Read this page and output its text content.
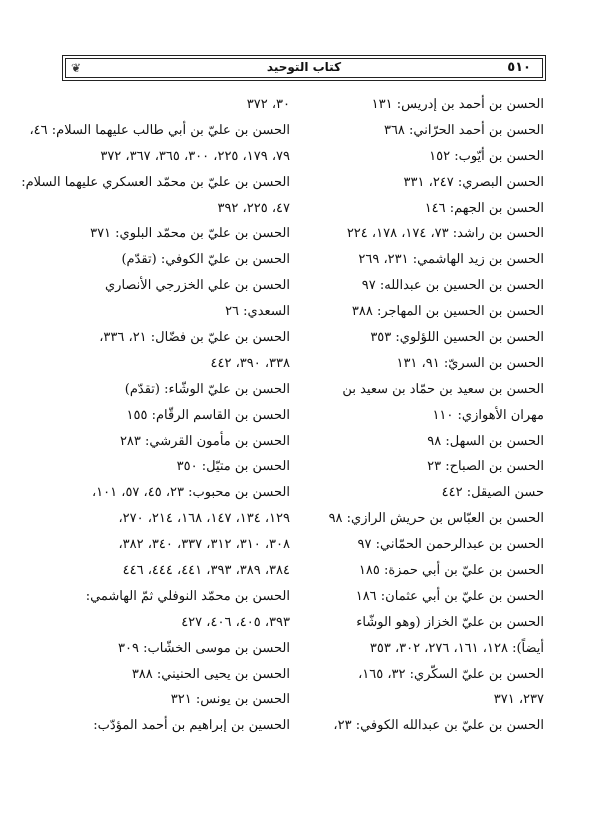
❦	كتاب التوحيد	٥١٠
الحسن بن أحمد بن إدريس: ١٣١
الحسن بن أحمد الحرّاني: ٣٦٨
الحسن بن أيّوب: ١٥٢
الحسن البصري: ٢٤٧، ٣٣١
الحسن بن الجهم: ١٤٦
الحسن بن راشد: ٧٣، ١٧٤، ١٧٨، ٢٢٤
الحسن بن زيد الهاشمي: ٢٣١، ٢٦٩
الحسن بن الحسين بن عبدالله: ٩٧
الحسن بن الحسين بن المهاجر: ٣٨٨
الحسن بن الحسين اللؤلوي: ٣٥٣
الحسن بن السريّ: ٩١، ١٣١
الحسن بن سعيد بن حمّاد بن سعيد بن
مهران الأهوازي: ١١٠
الحسن بن السهل: ٩٨
الحسن بن الصباح: ٢٣
حسن الصيقل: ٤٤٢
الحسن بن العبّاس بن حريش الرازي: ٩٨
الحسن بن عبدالرحمن الحمّاني: ٩٧
الحسن بن عليّ بن أبي حمزة: ١٨٥
الحسن بن عليّ بن أبي عثمان: ١٨٦
الحسن بن عليّ الخزاز (وهو الوشّاء
أيضاً): ١٢٨، ١٦١، ٢٧٦، ٣٠٢، ٣٥٣
الحسن بن عليّ السكّري: ٣٢، ١٦٥،
٢٣٧، ٣٧١
الحسن بن عليّ بن عبدالله الكوفي: ٢٣،
٣٠، ٣٧٢
الحسن بن عليّ بن أبي طالب عليهما السلام: ٤٦،
٧٩، ١٧٩، ٢٢٥، ٣٠٠، ٣٦٥، ٣٦٧، ٣٧٢
الحسن بن عليّ بن محمّد العسكري عليهما السلام:
٤٧، ٢٢٥، ٣٩٢
الحسن بن عليّ بن محمّد البلوي: ٣٧١
الحسن بن عليّ الكوفي: (تقدّم)
الحسن بن علي الخزرجي الأنصاري
السعدي: ٢٦
الحسن بن عليّ بن فضّال: ٢١، ٣٣٦،
٣٣٨، ٣٩٠، ٤٤٢
الحسن بن عليّ الوشّاء: (تقدّم)
الحسن بن القاسم الرقّام: ١٥٥
الحسن بن مأمون القرشي: ٢٨٣
الحسن بن متيّل: ٣٥٠
الحسن بن محبوب: ٢٣، ٤٥، ٥٧، ١٠١،
١٢٩، ١٣٤، ١٤٧، ١٦٨، ٢١٤، ٢٧٠،
٣٠٨، ٣١٠، ٣١٢، ٣٣٧، ٣٤٠، ٣٨٢،
٣٨٤، ٣٨٩، ٣٩٣، ٤٤١، ٤٤٤، ٤٤٦
الحسن بن محمّد النوفلي ثمّ الهاشمي:
٣٩٣، ٤٠٥، ٤٠٦، ٤٢٧
الحسن بن موسى الخشّاب: ٣٠٩
الحسن بن يحيى الحنيني: ٣٨٨
الحسن بن يونس: ٣٢١
الحسين بن إبراهيم بن أحمد المؤدّب:
